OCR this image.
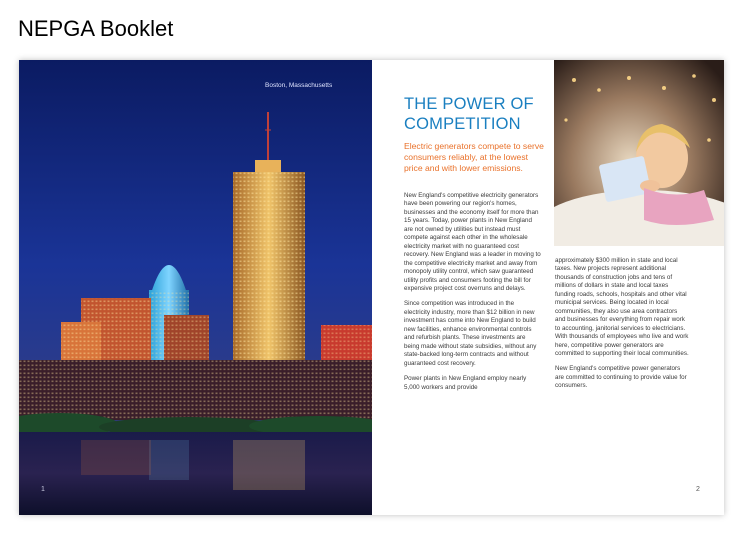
NEPGA Booklet
Boston, Massachusetts
1
THE POWER OF COMPETITION
Electric generators compete to serve consumers reliably, at the lowest price and with lower emissions.

New England's competitive electricity generators have been powering our region's homes, businesses and the economy itself for more than 15 years. Today, power plants in New England are not owned by utilities but instead must compete against each other in the wholesale electricity market with no guaranteed cost recovery. New England was a leader in moving to the competitive electricity market and away from monopoly utility control, which saw guaranteed utility profits and consumers footing the bill for expensive project cost overruns and delays.

Since competition was introduced in the electricity industry, more than $12 billion in new investment has come into New England to build new facilities, enhance environmental controls and refurbish plants. These investments are being made without state subsidies, without any state-backed long-term contracts and without guaranteed cost recovery.

Power plants in New England employ nearly 5,000 workers and provide

approximately $300 million in state and local taxes. New projects represent additional thousands of construction jobs and tens of millions of dollars in state and local taxes funding roads, schools, hospitals and other vital municipal services. Being located in local communities, they also use area contractors and businesses for everything from repair work to accounting, janitorial services to electricians. With thousands of employees who live and work here, competitive power generators are committed to supporting their local communities.

New England's competitive power generators are committed to continuing to provide value for consumers.

2
